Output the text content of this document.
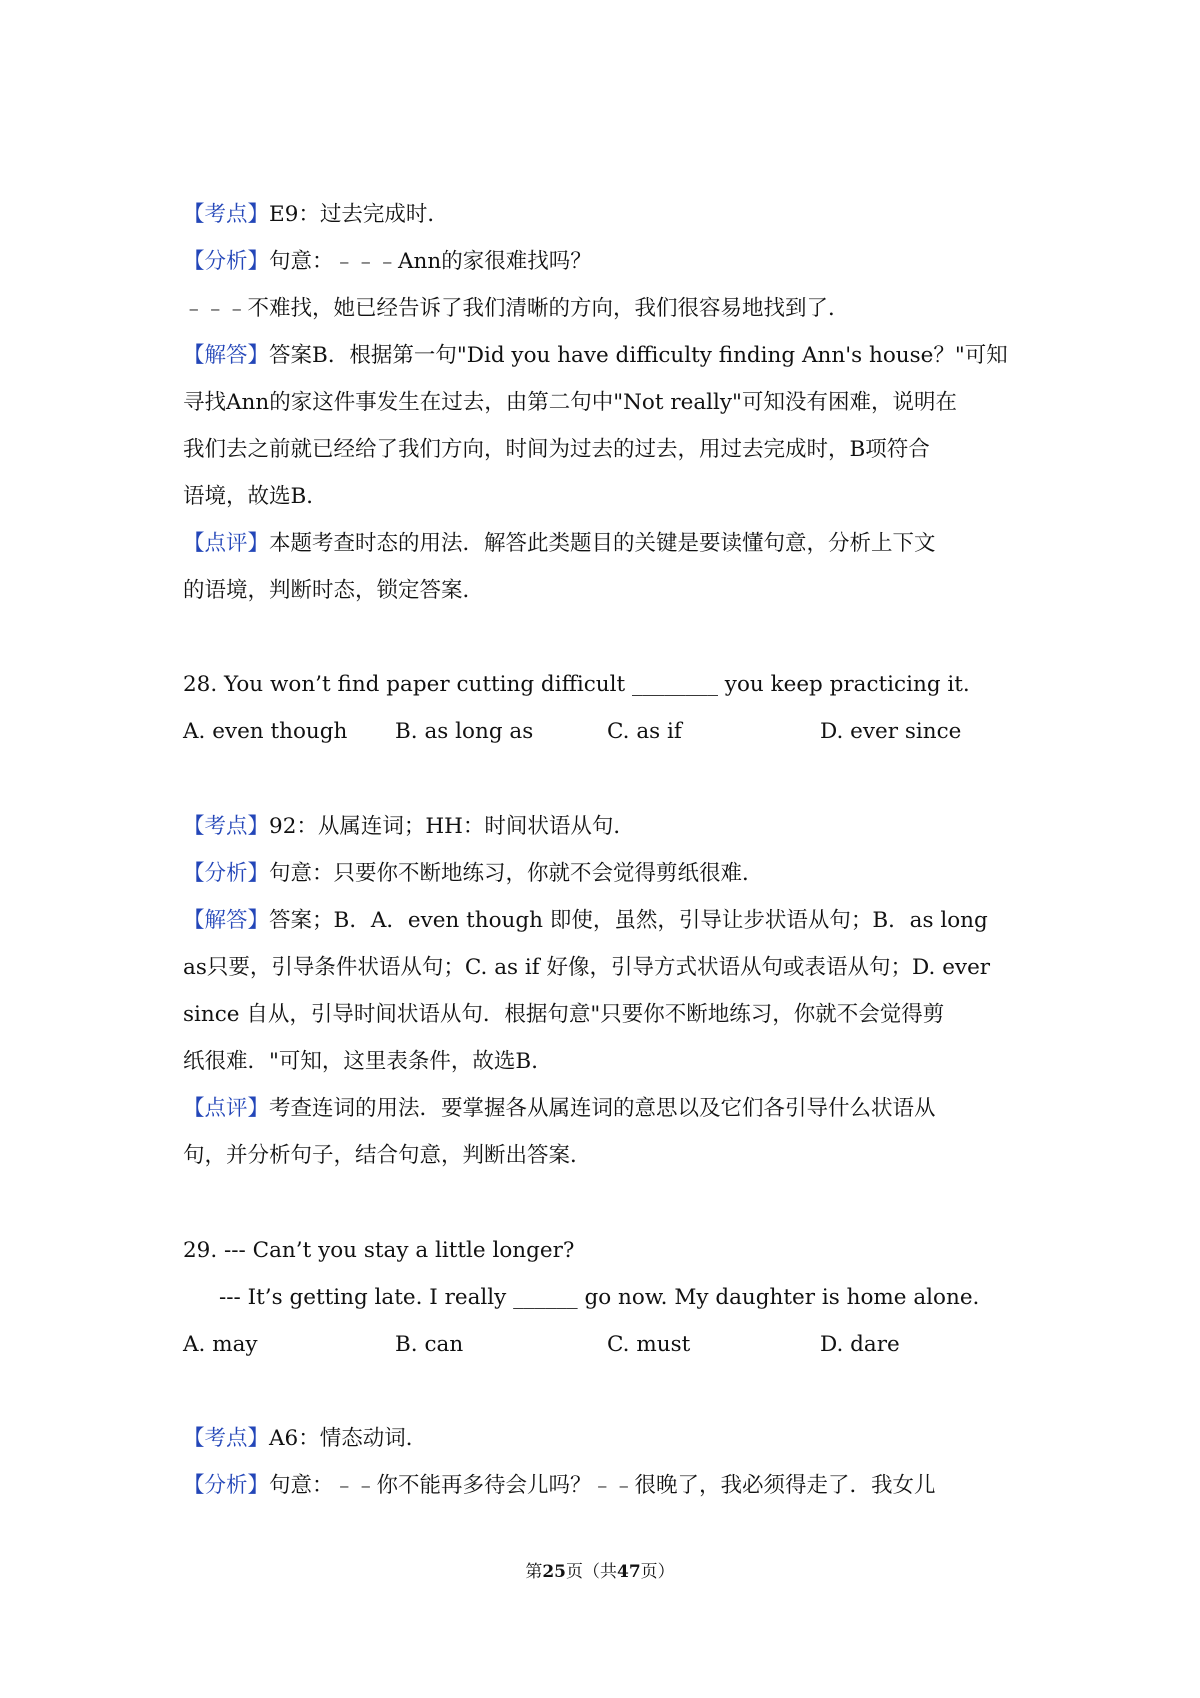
【考点】E9：过去完成时．
【分析】句意：﹣﹣﹣Ann的家很难找吗？
﹣﹣﹣不难找，她已经告诉了我们清晰的方向，我们很容易地找到了．
【解答】答案B．根据第一句"Did you have difficulty finding Ann's house？"可知
寻找Ann的家这件事发生在过去，由第二句中"Not really"可知没有困难，说明在
我们去之前就已经给了我们方向，时间为过去的过去，用过去完成时，B项符合
语境，故选B．
【点评】本题考查时态的用法．解答此类题目的关键是要读懂句意，分析上下文
的语境，判断时态，锁定答案．
28. You won’t find paper cutting difficult ________ you keep practicing it.
A. even though B. as long as	C. as if	D. ever since
【考点】92：从属连词；HH：时间状语从句．
【分析】句意：只要你不断地练习，你就不会觉得剪纸很难．
【解答】答案；B．A．even though 即使，虽然，引导让步状语从句；B．as long
as只要，引导条件状语从句；C. as if 好像，引导方式状语从句或表语从句；D. ever
since 自从，引导时间状语从句．根据句意"只要你不断地练习，你就不会觉得剪
纸很难．"可知，这里表条件，故选B．
【点评】考查连词的用法．要掌握各从属连词的意思以及它们各引导什么状语从
句，并分析句子，结合句意，判断出答案．
29. --- Can’t you stay a little longer?
--- It’s getting late. I really ______ go now. My daughter is home alone.
A. may	B. can	C. must	D. dare
【考点】A6：情态动词．
【分析】句意：﹣﹣你不能再多待会儿吗？﹣﹣很晚了，我必须得走了．我女儿
第25页（共47页）
